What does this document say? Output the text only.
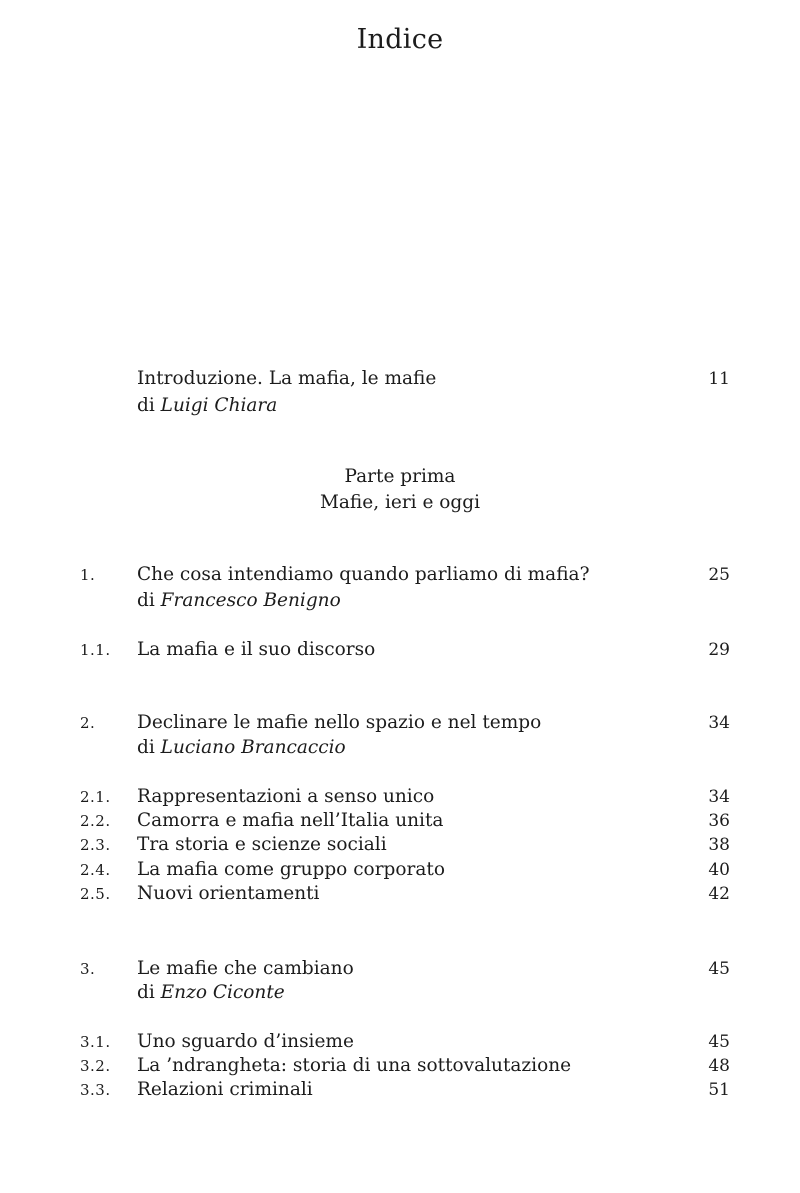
Indice
Introduzione. La mafia, le mafie	11
di Luigi Chiara
Parte prima
Mafie, ieri e oggi
1. Che cosa intendiamo quando parliamo di mafia?	25
di Francesco Benigno
1.1. La mafia e il suo discorso	29
2. Declinare le mafie nello spazio e nel tempo	34
di Luciano Brancaccio
2.1. Rappresentazioni a senso unico	34
2.2. Camorra e mafia nell’Italia unita	36
2.3. Tra storia e scienze sociali	38
2.4. La mafia come gruppo corporato	40
2.5. Nuovi orientamenti	42
3. Le mafie che cambiano	45
di Enzo Ciconte
3.1. Uno sguardo d’insieme	45
3.2. La ’ndrangheta: storia di una sottovalutazione	48
3.3. Relazioni criminali	51
